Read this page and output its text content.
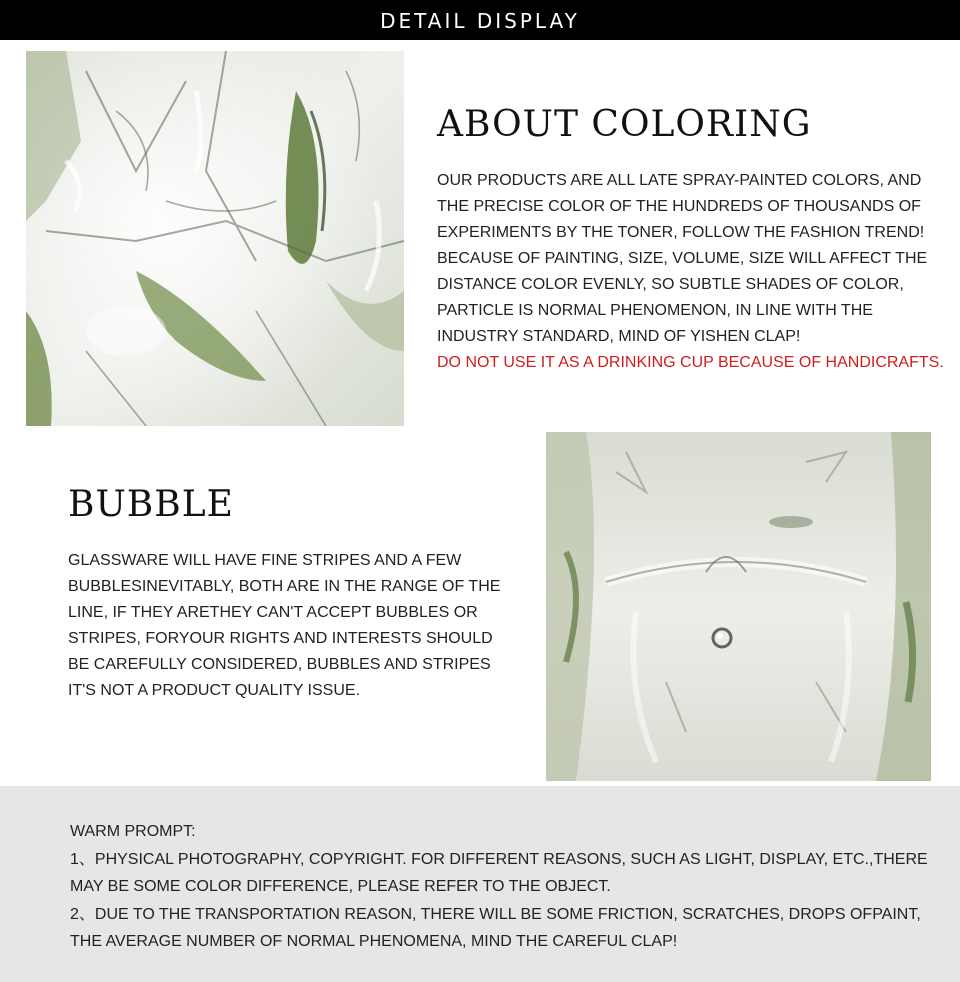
DETAIL DISPLAY
ABOUT COLORING

OUR PRODUCTS ARE ALL LATE SPRAY-PAINTED COLORS, AND

THE PRECISE COLOR OF THE HUNDREDS OF THOUSANDS OF

EXPERIMENTS BY THE TONER, FOLLOW THE FASHION TREND!

BECAUSE OF PAINTING, SIZE, VOLUME, SIZE WILL AFFECT THE

DISTANCE COLOR EVENLY, SO SUBTLE SHADES OF COLOR,

PARTICLE IS NORMAL PHENOMENON, IN LINE WITH THE

INDUSTRY STANDARD, MIND OF YISHEN CLAP!

DO NOT USE IT AS A DRINKING CUP BECAUSE OF HANDICRAFTS.

BUBBLE

GLASSWARE WILL HAVE FINE STRIPES AND A FEW

BUBBLESINEVITABLY, BOTH ARE IN THE RANGE OF THE

LINE, IF THEY ARETHEY CAN'T ACCEPT BUBBLES OR

STRIPES, FORYOUR RIGHTS AND INTERESTS SHOULD

BE CAREFULLY CONSIDERED, BUBBLES AND STRIPES

IT'S NOT A PRODUCT QUALITY ISSUE.

WARM PROMPT:

1、PHYSICAL PHOTOGRAPHY, COPYRIGHT. FOR DIFFERENT REASONS, SUCH AS LIGHT, DISPLAY, ETC.,THERE

MAY BE SOME COLOR DIFFERENCE, PLEASE REFER TO THE OBJECT.

2、DUE TO THE TRANSPORTATION REASON, THERE WILL BE SOME FRICTION, SCRATCHES, DROPS OFPAINT,

THE AVERAGE NUMBER OF NORMAL PHENOMENA, MIND THE CAREFUL CLAP!
